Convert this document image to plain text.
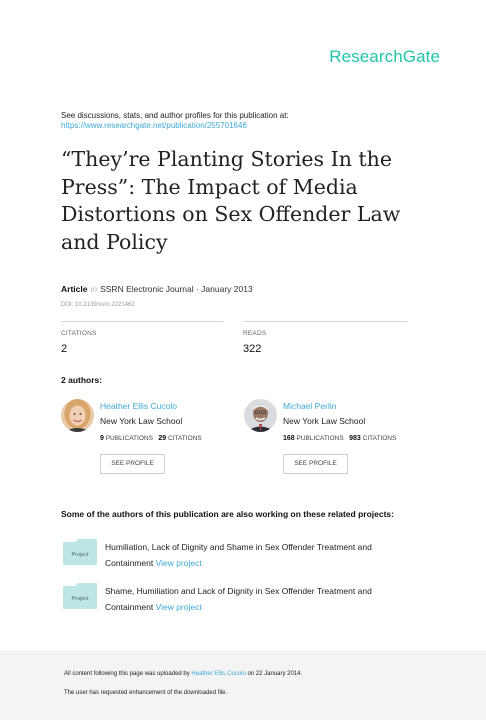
ResearchGate
See discussions, stats, and author profiles for this publication at:
https://www.researchgate.net/publication/255701646
“They’re Planting Stories In the Press”: The Impact of Media Distortions on Sex Offender Law and Policy
Article in SSRN Electronic Journal · January 2013
DOI: 10.2139/ssrn.2221462
CITATIONS
2
READS
322
2 authors:
Heather Ellis Cucolo
New York Law School
9 PUBLICATIONS 29 CITATIONS
SEE PROFILE
Michael Perlin
New York Law School
168 PUBLICATIONS 983 CITATIONS
SEE PROFILE
Some of the authors of this publication are also working on these related projects:
Project
Humiliation, Lack of Dignity and Shame in Sex Offender Treatment and Containment View project
Project
Shame, Humiliation and Lack of Dignity in Sex Offender Treatment and Containment View project
All content following this page was uploaded by Heather Ellis Cucolo on 22 January 2014.
The user has requested enhancement of the downloaded file.
